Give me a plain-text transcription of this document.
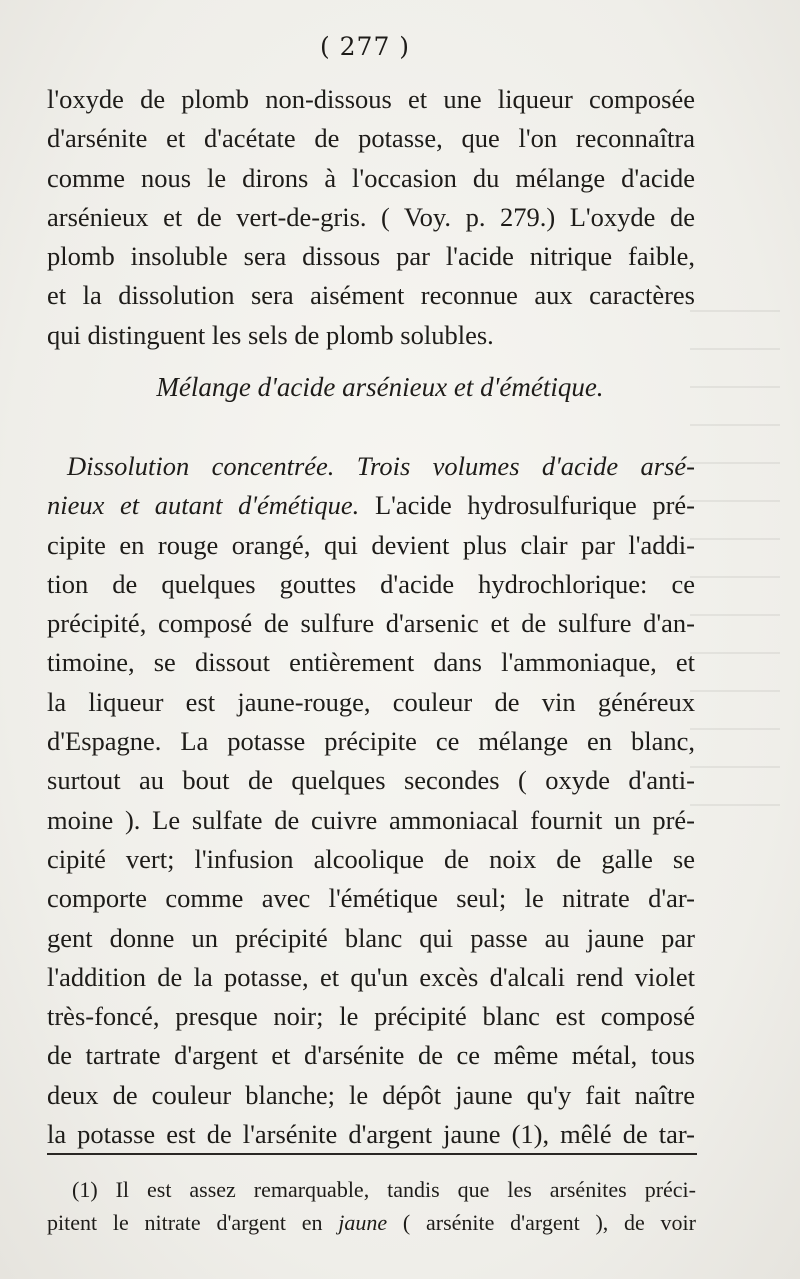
( 277 )
l'oxyde de plomb non-dissous et une liqueur composée
d'arsénite et d'acétate de potasse, que l'on reconnaîtra
comme nous le dirons à l'occasion du mélange d'acide
arsénieux et de vert-de-gris. ( Voy. p. 279.) L'oxyde de
plomb insoluble sera dissous par l'acide nitrique faible,
et la dissolution sera aisément reconnue aux caractères
qui distinguent les sels de plomb solubles.
Mélange d'acide arsénieux et d'émétique.
Dissolution concentrée. Trois volumes d'acide arsé-
nieux et autant d'émétique. L'acide hydrosulfurique pré-
cipite en rouge orangé, qui devient plus clair par l'addi-
tion de quelques gouttes d'acide hydrochlorique: ce
précipité, composé de sulfure d'arsenic et de sulfure d'an-
timoine, se dissout entièrement dans l'ammoniaque, et
la liqueur est jaune-rouge, couleur de vin généreux
d'Espagne. La potasse précipite ce mélange en blanc,
surtout au bout de quelques secondes ( oxyde d'anti-
moine ). Le sulfate de cuivre ammoniacal fournit un pré-
cipité vert; l'infusion alcoolique de noix de galle se
comporte comme avec l'émétique seul; le nitrate d'ar-
gent donne un précipité blanc qui passe au jaune par
l'addition de la potasse, et qu'un excès d'alcali rend violet
très-foncé, presque noir; le précipité blanc est composé
de tartrate d'argent et d'arsénite de ce même métal, tous
deux de couleur blanche; le dépôt jaune qu'y fait naître
la potasse est de l'arsénite d'argent jaune (1), mêlé de tar-
(1) Il est assez remarquable, tandis que les arsénites préci-
pitent le nitrate d'argent en jaune ( arsénite d'argent ), de voir
